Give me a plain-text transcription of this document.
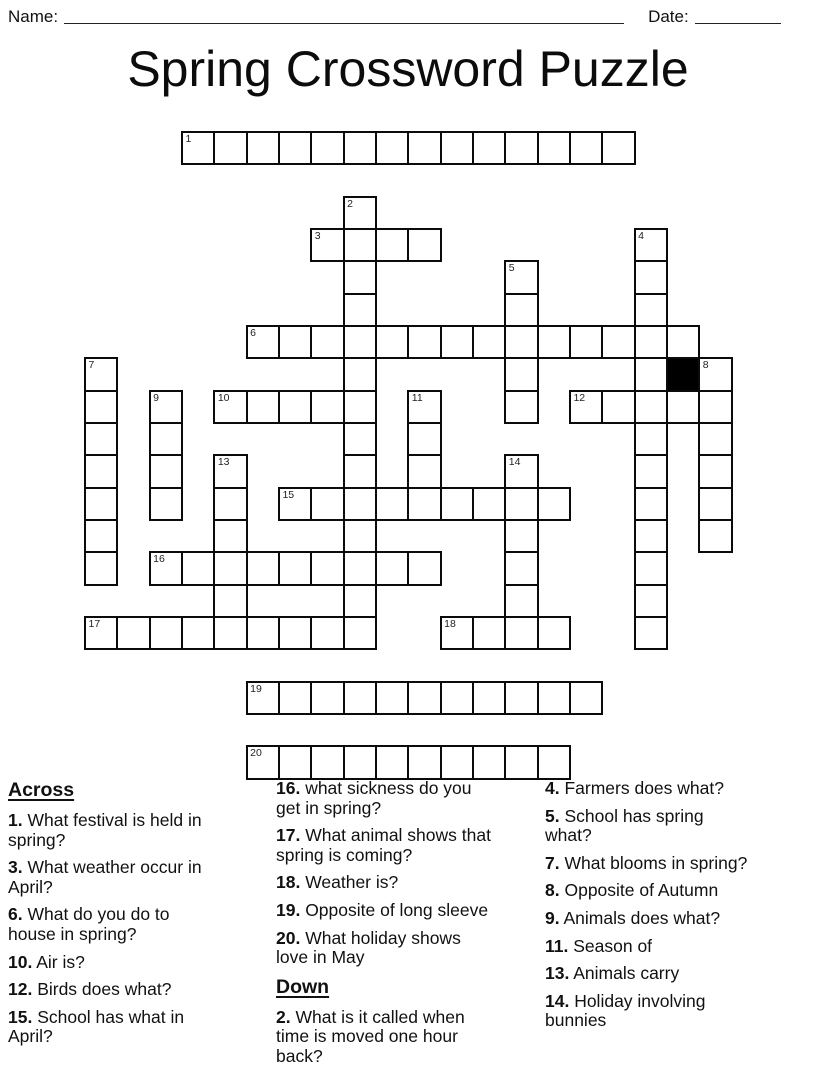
Name:	Date:
Spring Crossword Puzzle
1
3
6
10	12
15
16
17	18
19
20
2
4
5
7	8
9	11
13	14
Across

1. What festival is held in spring?

3. What weather occur in April?

6. What do you do to house in spring?

10. Air is?

12. Birds does what?

15. School has what in April?

16. what sickness do you get in spring?

17. What animal shows that spring is coming?

18. Weather is?

19. Opposite of long sleeve

20. What holiday shows love in May

Down

2. What is it called when time is moved one hour back?

4. Farmers does what?

5. School has spring what?

7. What blooms in spring?

8. Opposite of Autumn

9. Animals does what?

11. Season of

13. Animals carry

14. Holiday involving bunnies
